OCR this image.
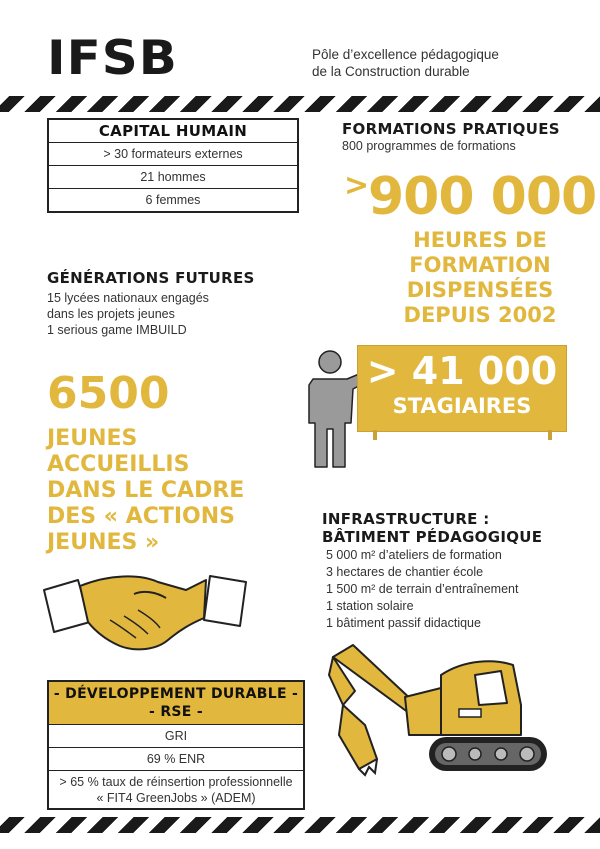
IFSB	Pôle d’excellence pédagogique
de la Construction durable
CAPITAL HUMAIN
> 30 formateurs externes
21 hommes
6 femmes
FORMATIONS PRATIQUES
800 programmes de formations
>
900 000
HEURES DE
FORMATION
DISPENSÉES
DEPUIS 2002
GÉNÉRATIONS FUTURES
15 lycées nationaux engagés
dans les projets jeunes
1 serious game IMBUILD
> 41 000
STAGIAIRES
6500
JEUNES
ACCUEILLIS
DANS LE CADRE
DES « ACTIONS
JEUNES »
INFRASTRUCTURE :
BÂTIMENT PÉDAGOGIQUE
5 000 m² d’ateliers de formation
3 hectares de chantier école
1 500 m² de terrain d’entraînement
1 station solaire
1 bâtiment passif didactique
- DÉVELOPPEMENT DURABLE -
- RSE -
GRI
69 % ENR
> 65 % taux de réinsertion professionnelle
« FIT4 GreenJobs » (ADEM)
